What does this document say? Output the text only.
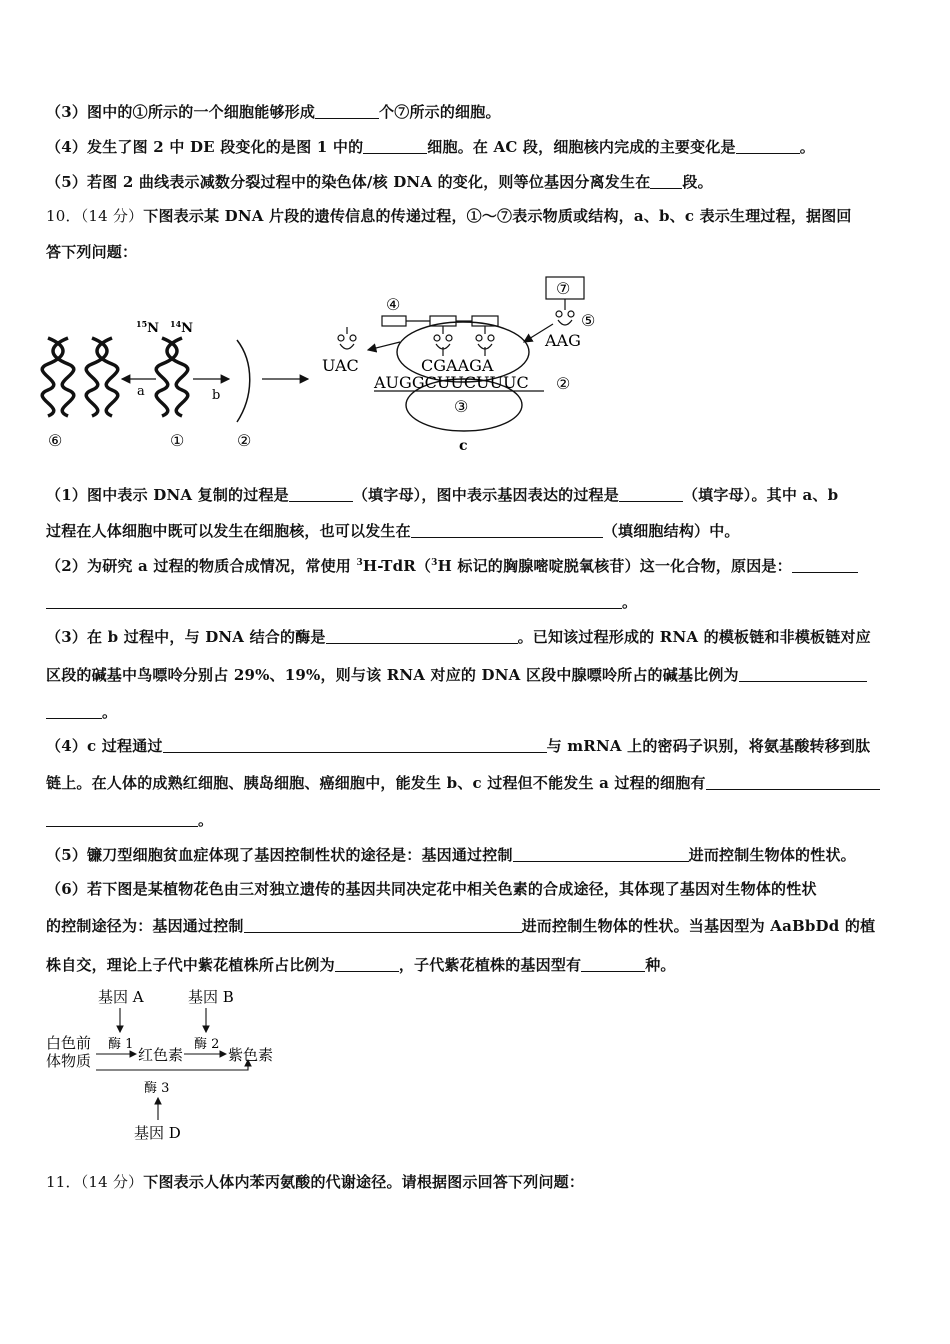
（3）图中的①所示的一个细胞能够形成	个⑦所示的细胞。
（4）发生了图 2 中 DE 段变化的是图 1 中的	细胞。在 AC 段，细胞核内完成的主要变化是	。
（5）若图 2 曲线表示减数分裂过程中的染色体/核 DNA 的变化，则等位基因分离发生在 段。
10．（14 分）下图表示某 DNA 片段的遗传信息的传递过程，①～⑦表示物质或结构，a、b、c 表示生理过程，据图回
答下列问题：
$^{15}$N $^{14}$N
a	b
⑥	①	②
④
UAC
⑦
⑤
AAG
CGAAGA
AUGGCUUCUUUC ②
③
c
（1）图中表示 DNA 复制的过程是	（填字母），图中表示基因表达的过程是	（填字母）。其中 a、b
过程在人体细胞中既可以发生在细胞核，也可以发生在	（填细胞结构）中。
（2）为研究 a 过程的物质合成情况，常使用 $^3$H-TdR（$^3$H 标记的胸腺嘧啶脱氧核苷）这一化合物，原因是：
。
（3）在 b 过程中，与 DNA 结合的酶是	。已知该过程形成的 RNA 的模板链和非模板链对应
区段的碱基中鸟嘌呤分别占 29%、19%，则与该 RNA 对应的 DNA 区段中腺嘌呤所占的碱基比例为
。
（4）c 过程通过	与 mRNA 上的密码子识别，将氨基酸转移到肽
链上。在人体的成熟红细胞、胰岛细胞、癌细胞中，能发生 b、c 过程但不能发生 a 过程的细胞有
。
（5）镰刀型细胞贫血症体现了基因控制性状的途径是：基因通过控制	进而控制生物体的性状。
（6）若下图是某植物花色由三对独立遗传的基因共同决定花中相关色素的合成途径，其体现了基因对生物体的性状
的控制途径为：基因通过控制	进而控制生物体的性状。当基因型为 AaBbDd 的植
株自交，理论上子代中紫花植株所占比例为	，子代紫花植株的基因型有	种。
基因 A	基因 B
白色前
体物质
酶 1
红色素
酶 2
紫色素
酶 3
基因 D
11．（14 分）下图表示人体内苯丙氨酸的代谢途径。请根据图示回答下列问题：
